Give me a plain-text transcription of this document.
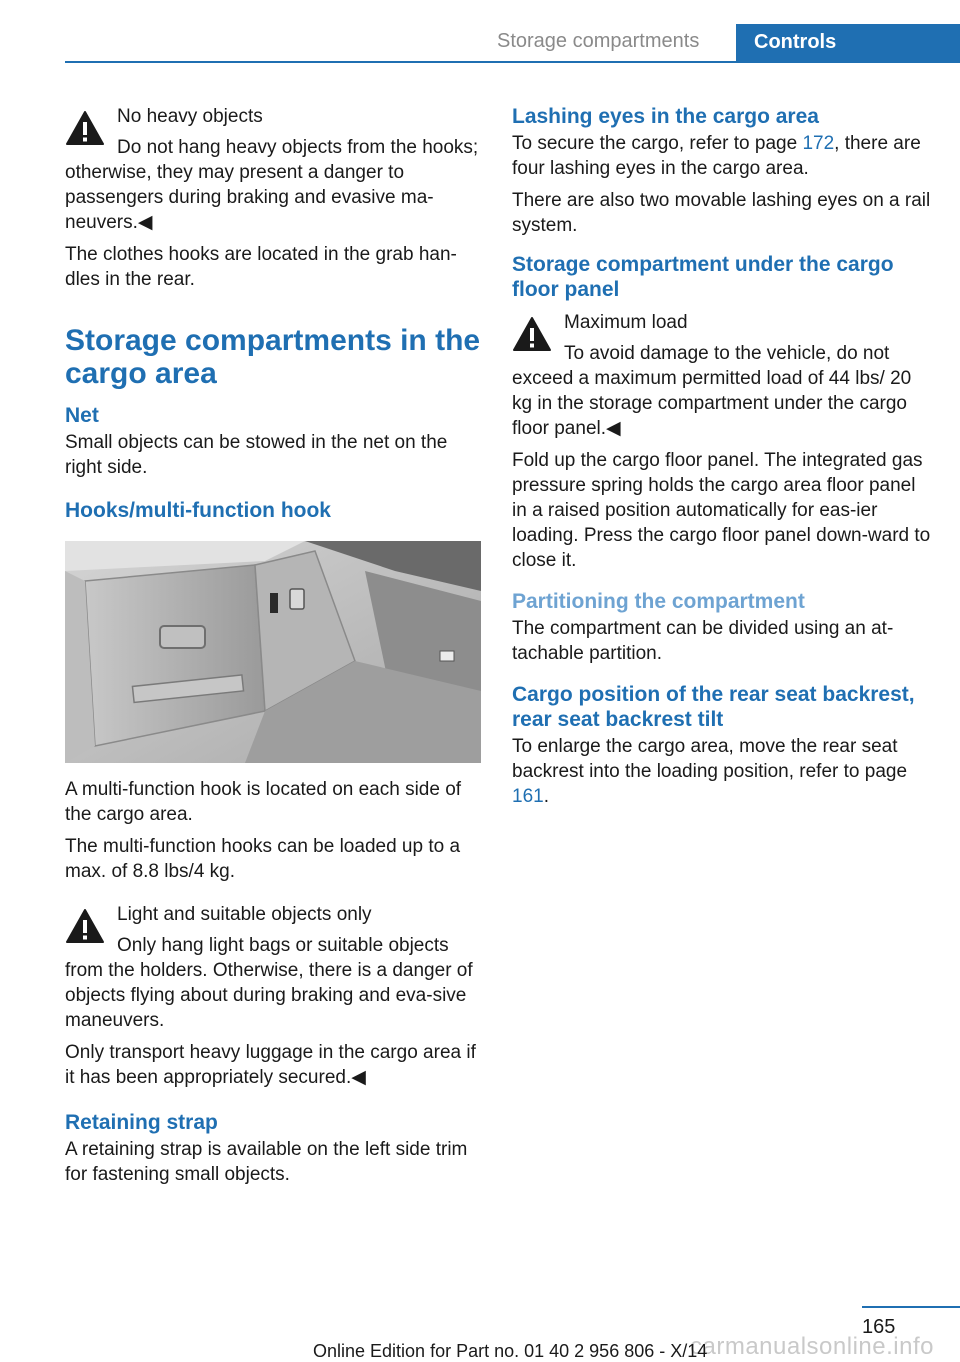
Storage compartments	Controls

No heavy objects

Do not hang heavy objects from the hooks; otherwise, they may present a danger to passengers during braking and evasive ma‐neuvers.◀

The clothes hooks are located in the grab han‐dles in the rear.

Storage compartments in the cargo area
Net

Small objects can be stowed in the net on the right side.

Hooks/multi-function hook

A multi-function hook is located on each side of the cargo area.

The multi-function hooks can be loaded up to a max. of 8.8 lbs/4 kg.

Light and suitable objects only

Only hang light bags or suitable objects from the holders. Otherwise, there is a danger of objects flying about during braking and eva‐sive maneuvers.

Only transport heavy luggage in the cargo area if it has been appropriately secured.◀

Retaining strap

A retaining strap is available on the left side trim for fastening small objects.

Lashing eyes in the cargo area

To secure the cargo, refer to page 172, there are four lashing eyes in the cargo area.

There are also two movable lashing eyes on a rail system.

Storage compartment under the cargo floor panel

Maximum load

To avoid damage to the vehicle, do not exceed a maximum permitted load of 44 lbs/ 20 kg in the storage compartment under the cargo floor panel.◀

Fold up the cargo floor panel. The integrated gas pressure spring holds the cargo area floor panel in a raised position automatically for eas‐ier loading. Press the cargo floor panel down‐ward to close it.

Partitioning the compartment

The compartment can be divided using an at‐tachable partition.

Cargo position of the rear seat backrest, rear seat backrest tilt

To enlarge the cargo area, move the rear seat backrest into the loading position, refer to page 161.

165
carmanualsonline.info
Online Edition for Part no. 01 40 2 956 806 - X/14
